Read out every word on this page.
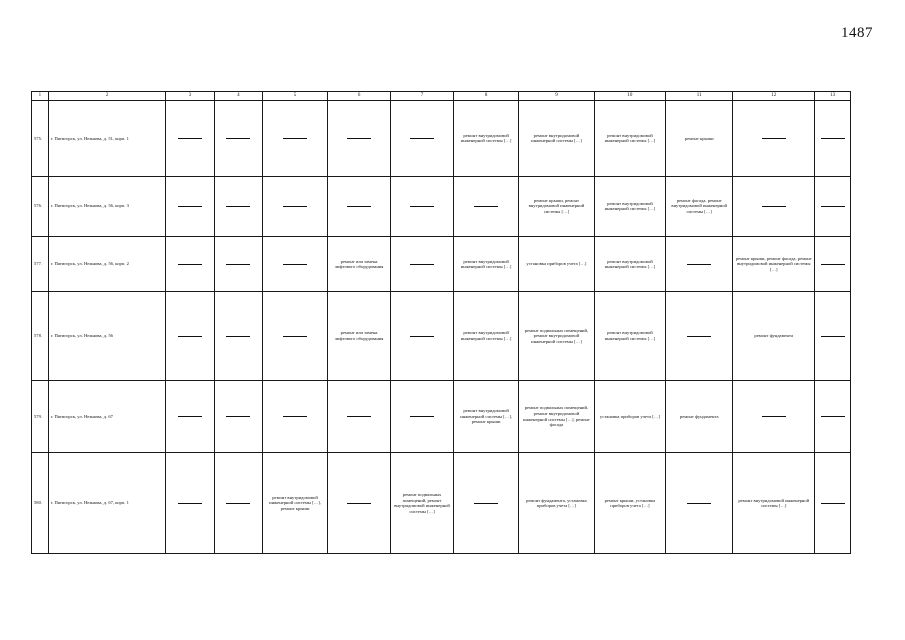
1487
1	2	3	4	5	6	7	8	9	10	11	12	13
575.	г. Пятигорск, ул. Нежнова, д. 51, корп. 1						ремонт внутридомовой инженерной системы […]	ремонт внутридомовой инженерной системы […]	ремонт внутридомовой инженерной системы […]	ремонт крыши		
576.	г. Пятигорск, ул. Нежнова, д. 56, корп. 3							ремонт крыши, ремонт внутридомовой инженерной системы […]	ремонт внутридомовой инженерной системы […]	ремонт фасада, ремонт внутридомовой инженерной системы […]		
577.	г. Пятигорск, ул. Нежнова, д. 56, корп. 2				ремонт или замена лифтового оборудования		ремонт внутридомовой инженерной системы […]	установка приборов учета […]	ремонт внутридомовой инженерной системы […]		ремонт крыши, ремонт фасада, ремонт внутридомовой инженерной системы […]	
578.	г. Пятигорск, ул. Нежнова, д. 56				ремонт или замена лифтового оборудования		ремонт внутридомовой инженерной системы […]	ремонт подвальных помещений, ремонт внутридомовой инженерной системы […]	ремонт внутридомовой инженерной системы […]		ремонт фундамента	
579.	г. Пятигорск, ул. Нежнова, д. 67						ремонт внутридомовой инженерной системы […], ремонт крыши	ремонт подвальных помещений, ремонт внутридомовой инженерной системы […], ремонт фасада	установка приборов учета […]	ремонт фундамента		
580.	г. Пятигорск, ул. Нежнова, д. 67, корп. 1			ремонт внутридомовой инженерной системы […], ремонт крыши		ремонт подвальных помещений, ремонт внутридомовой инженерной системы […]		ремонт фундамента, установка приборов учета […]	ремонт крыши, установка приборов учета […]		ремонт внутридомовой инженерной системы […]	
